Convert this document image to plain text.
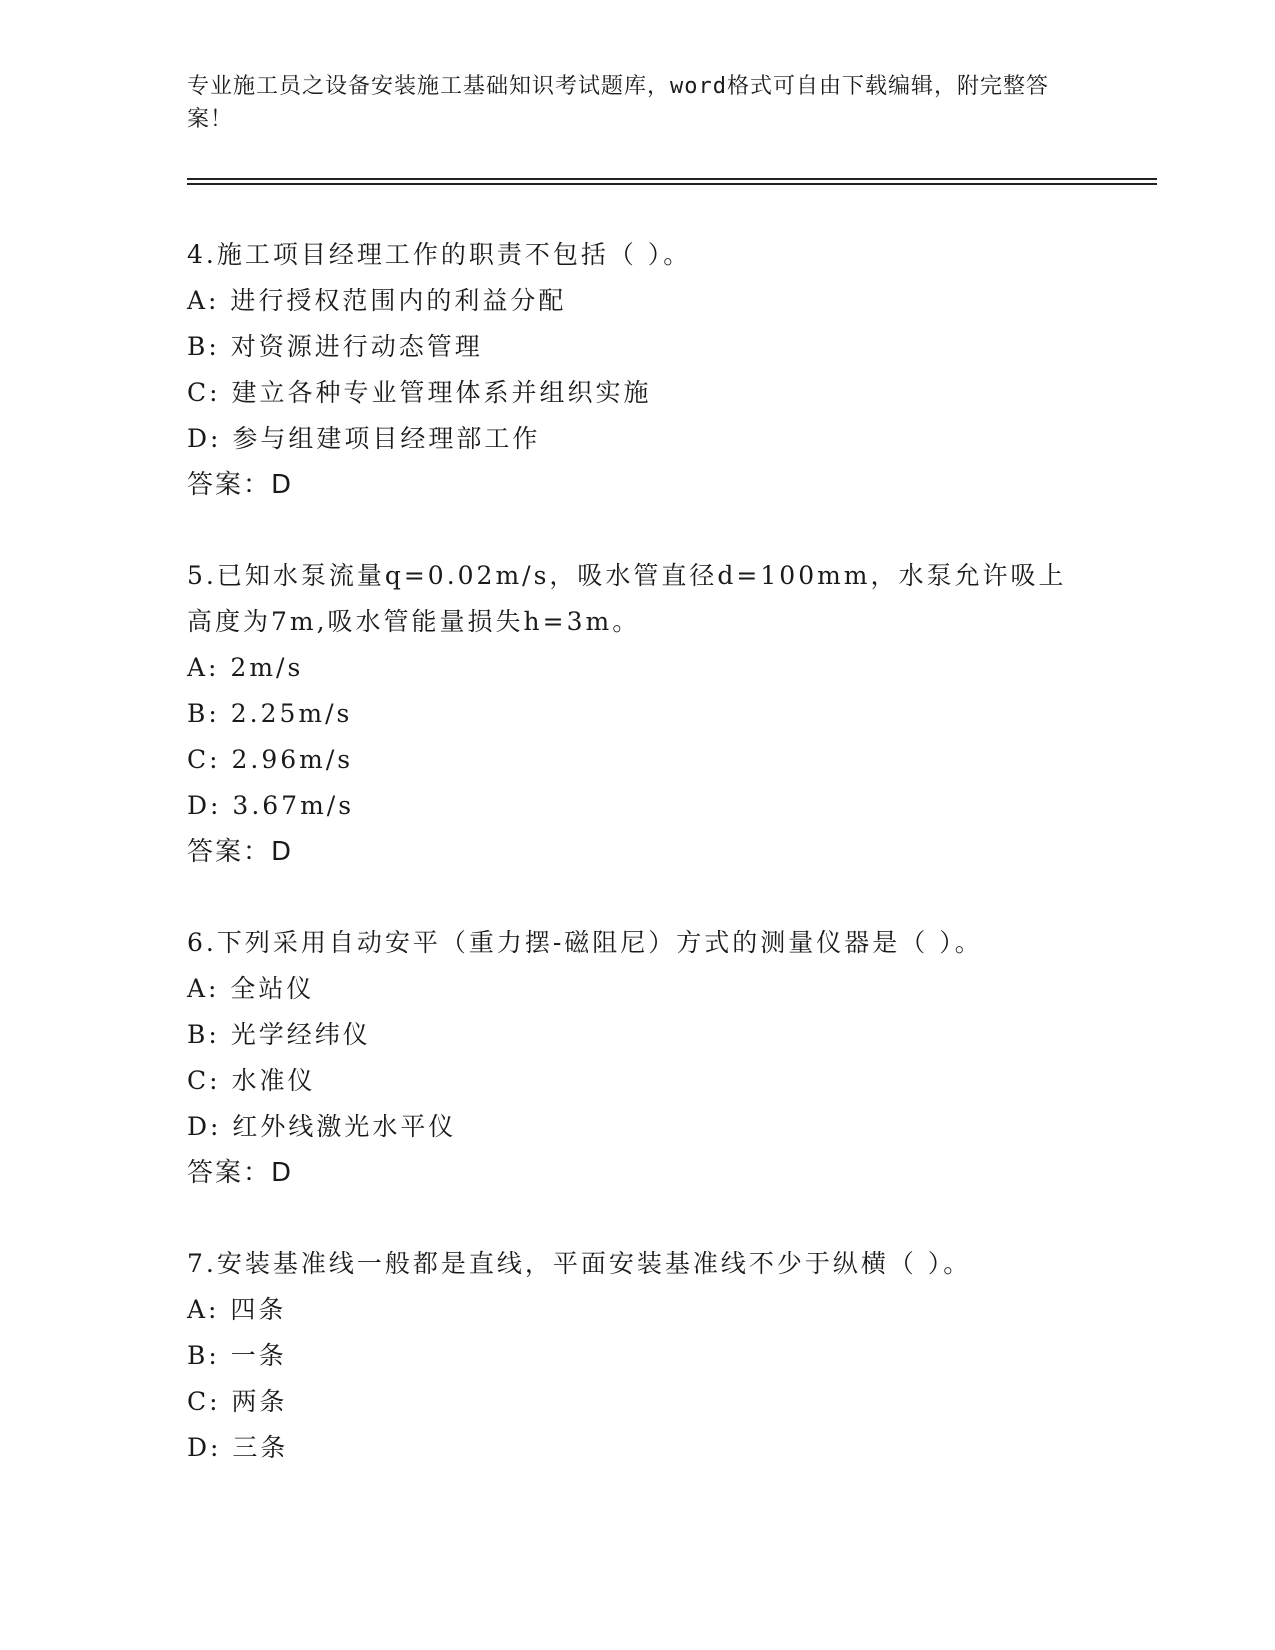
专业施工员之设备安装施工基础知识考试题库，word格式可自由下载编辑，附完整答案！
4.施工项目经理工作的职责不包括（ ）。
A: 进行授权范围内的利益分配
B: 对资源进行动态管理
C: 建立各种专业管理体系并组织实施
D: 参与组建项目经理部工作
答案：D
5.已知水泵流量q=0.02m/s，吸水管直径d=100mm，水泵允许吸上高度为7m,吸水管能量损失h=3m。
A: 2m/s
B: 2.25m/s
C: 2.96m/s
D: 3.67m/s
答案：D
6.下列采用自动安平（重力摆-磁阻尼）方式的测量仪器是（ ）。
A: 全站仪
B: 光学经纬仪
C: 水准仪
D: 红外线激光水平仪
答案：D
7.安装基准线一般都是直线，平面安装基准线不少于纵横（ ）。
A: 四条
B: 一条
C: 两条
D: 三条
